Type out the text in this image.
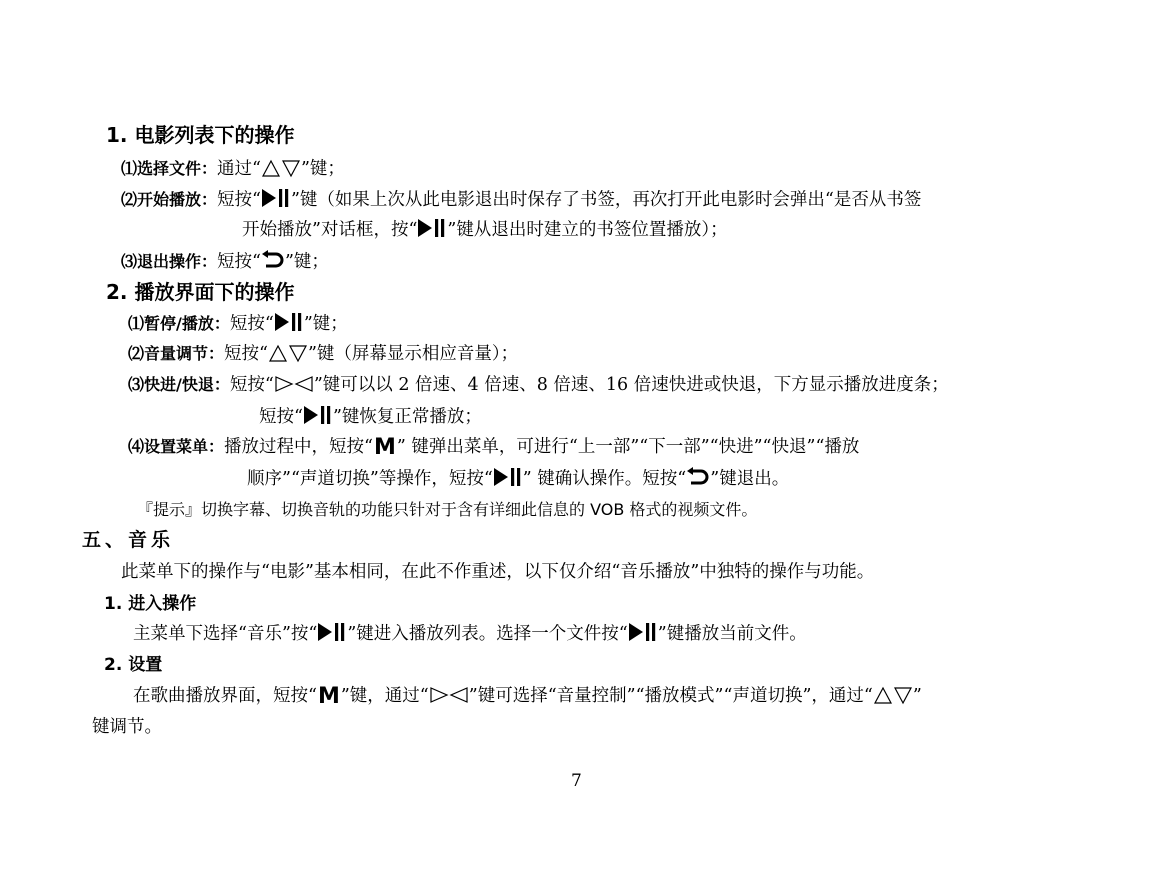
1. 电影列表下的操作
⑴选择文件：通过“ ”键；
⑵开始播放：短按“ ”键（如果上次从此电影退出时保存了书签，再次打开此电影时会弹出“是否从书签
开始播放”对话框，按“ ”键从退出时建立的书签位置播放）；
⑶退出操作：短按“ ”键；
2. 播放界面下的操作
⑴暂停/播放：短按“ ”键；
⑵音量调节：短按“ ”键（屏幕显示相应音量）；
⑶快进/快退：短按“ ”键可以以 2 倍速、4 倍速、8 倍速、16 倍速快进或快退，下方显示播放进度条；
短按“ ”键恢复正常播放；
⑷设置菜单：播放过程中，短按“M” 键弹出菜单，可进行“上一部”“下一部”“快进”“快退”“播放
顺序”“声道切换”等操作，短按“ ” 键确认操作。短按“ ”键退出。
『提示』切换字幕、切换音轨的功能只针对于含有详细此信息的 VOB 格式的视频文件。
五、音乐
此菜单下的操作与“电影”基本相同，在此不作重述，以下仅介绍“音乐播放”中独特的操作与功能。
1. 进入操作
主菜单下选择“音乐”按“ ”键进入播放列表。选择一个文件按“ ”键播放当前文件。
2. 设置
在歌曲播放界面，短按“M”键，通过“ ”键可选择“音量控制”“播放模式”“声道切换”，通过“ ”
键调节。
7
